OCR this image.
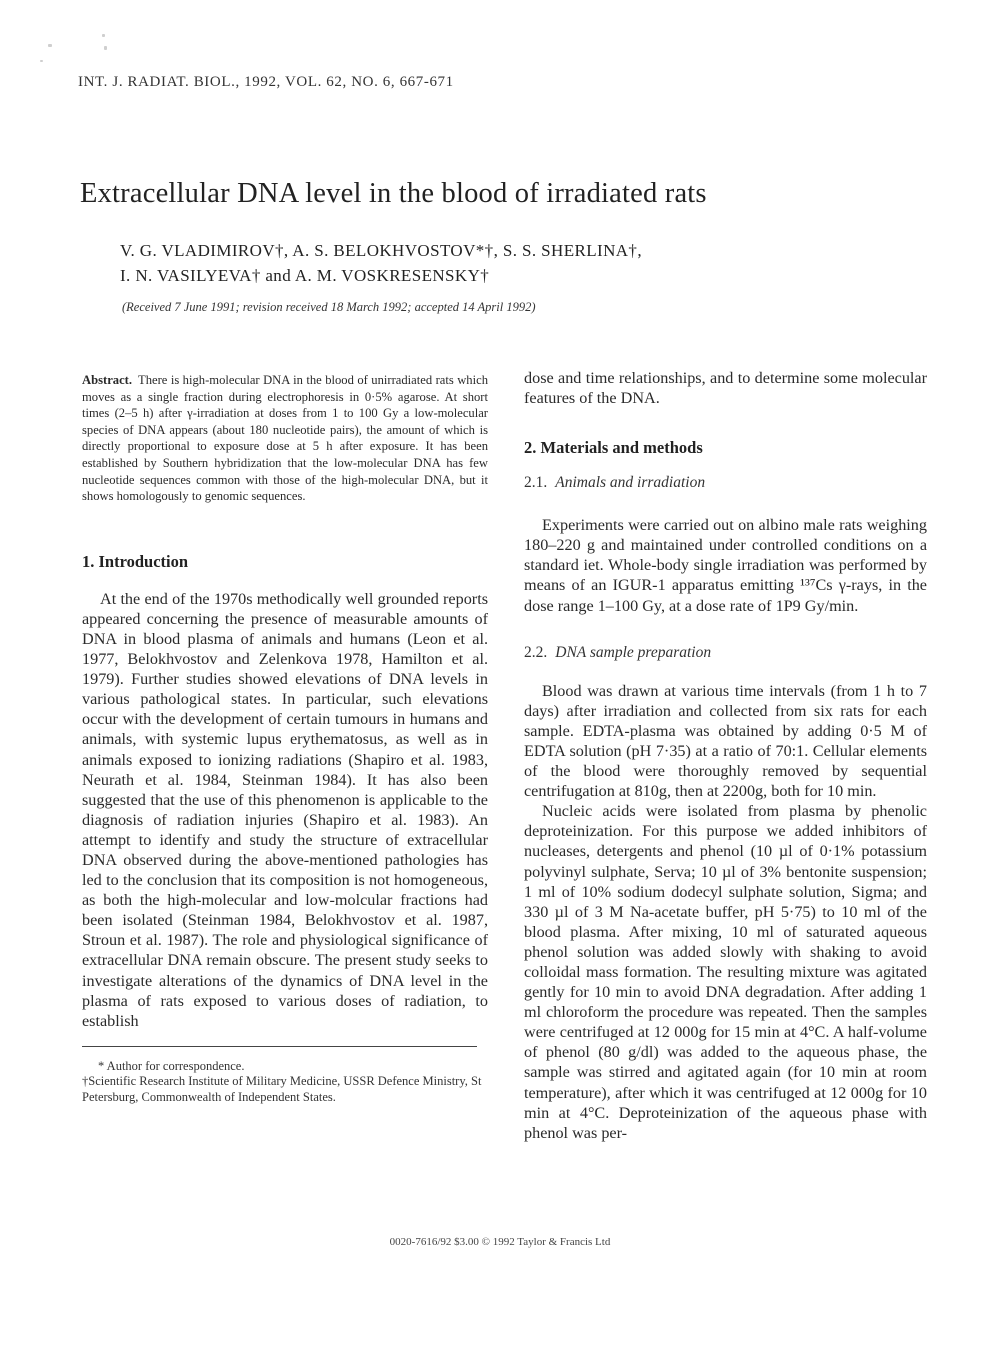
INT. J. RADIAT. BIOL., 1992, VOL. 62, NO. 6, 667-671
Extracellular DNA level in the blood of irradiated rats
V. G. VLADIMIROV†, A. S. BELOKHVOSTOV*†, S. S. SHERLINA†,
I. N. VASILYEVA† and A. M. VOSKRESENSKY†
(Received 7 June 1991; revision received 18 March 1992; accepted 14 April 1992)

Abstract. There is high-molecular DNA in the blood of unirradiated rats which moves as a single fraction during electrophoresis in 0·5% agarose. At short times (2–5 h) after γ-irradiation at doses from 1 to 100 Gy a low-molecular species of DNA appears (about 180 nucleotide pairs), the amount of which is directly proportional to exposure dose at 5 h after exposure. It has been established by Southern hybridization that the low-molecular DNA has few nucleotide sequences common with those of the high-molecular DNA, but it shows homologously to genomic sequences.

1. Introduction

At the end of the 1970s methodically well grounded reports appeared concerning the presence of measurable amounts of DNA in blood plasma of animals and humans (Leon et al. 1977, Belokhvostov and Zelenkova 1978, Hamilton et al. 1979). Further studies showed elevations of DNA levels in various pathological states. In particular, such elevations occur with the development of certain tumours in humans and animals, with systemic lupus erythematosus, as well as in animals exposed to ionizing radiations (Shapiro et al. 1983, Neurath et al. 1984, Steinman 1984). It has also been suggested that the use of this phenomenon is applicable to the diagnosis of radiation injuries (Shapiro et al. 1983). An attempt to identify and study the structure of extracellular DNA observed during the above-mentioned pathologies has led to the conclusion that its composition is not homogeneous, as both the high-molecular and low-molcular fractions had been isolated (Steinman 1984, Belokhvostov et al. 1987, Stroun et al. 1987). The role and physiological significance of extracellular DNA remain obscure. The present study seeks to investigate alterations of the dynamics of DNA level in the plasma of rats exposed to various doses of radiation, to establish

* Author for correspondence.

†Scientific Research Institute of Military Medicine, USSR Defence Ministry, St Petersburg, Commonwealth of Independent States.

dose and time relationships, and to determine some molecular features of the DNA.

2. Materials and methods
2.1. Animals and irradiation

Experiments were carried out on albino male rats weighing 180–220 g and maintained under controlled conditions on a standard iet. Whole-body single irradiation was performed by means of an IGUR-1 apparatus emitting ¹³⁷Cs γ-rays, in the dose range 1–100 Gy, at a dose rate of 1P9 Gy/min.

2.2. DNA sample preparation

Blood was drawn at various time intervals (from 1 h to 7 days) after irradiation and collected from six rats for each sample. EDTA-plasma was obtained by adding 0·5 M of EDTA solution (pH 7·35) at a ratio of 70:1. Cellular elements of the blood were thoroughly removed by sequential centrifugation at 810g, then at 2200g, both for 10 min.

Nucleic acids were isolated from plasma by phenolic deproteinization. For this purpose we added inhibitors of nucleases, detergents and phenol (10 µl of 0·1% potassium polyvinyl sulphate, Serva; 10 µl of 3% bentonite suspension; 1 ml of 10% sodium dodecyl sulphate solution, Sigma; and 330 µl of 3 M Na-acetate buffer, pH 5·75) to 10 ml of the blood plasma. After mixing, 10 ml of saturated aqueous phenol solution was added slowly with shaking to avoid colloidal mass formation. The resulting mixture was agitated gently for 10 min to avoid DNA degradation. After adding 1 ml chloroform the procedure was repeated. Then the samples were centrifuged at 12 000g for 15 min at 4°C. A half-volume of phenol (80 g/dl) was added to the aqueous phase, the sample was stirred and agitated again (for 10 min at room temperature), after which it was centrifuged at 12 000g for 10 min at 4°C. Deproteinization of the aqueous phase with phenol was per-

0020-7616/92 $3.00 © 1992 Taylor & Francis Ltd
